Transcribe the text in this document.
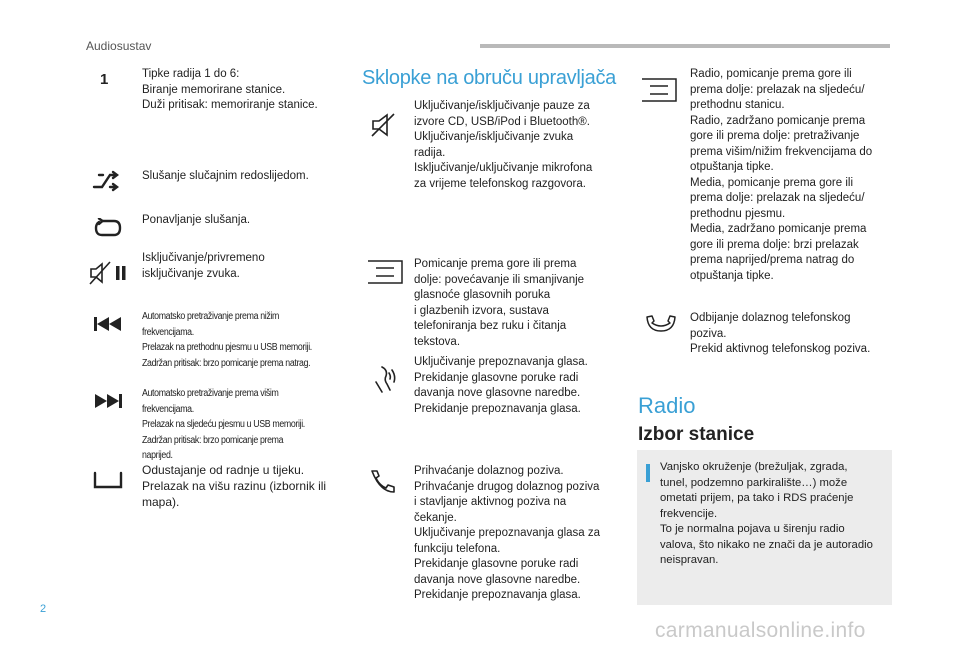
Audiosustav
1	Tipke radija 1 do 6:
Biranje memorirane stanice.
Duži pritisak: memoriranje stanice.
Slušanje slučajnim redoslijedom.
Ponavljanje slušanja.
Isključivanje/privremeno
isključivanje zvuka.
Automatsko pretraživanje prema nižim
frekvencijama.
Prelazak na prethodnu pjesmu u USB memoriji.
Zadržan pritisak: brzo pomicanje prema natrag.
Automatsko pretraživanje prema višim
frekvencijama.
Prelazak na sljedeću pjesmu u USB memoriji.
Zadržan pritisak: brzo pomicanje prema
naprijed.
Odustajanje od radnje u tijeku.
Prelazak na višu razinu (izbornik ili
mapa).
Sklopke na obruču upravljača
Uključivanje/isključivanje pauze za
izvore CD, USB/iPod i Bluetooth®.
Uključivanje/isključivanje zvuka
radija.
Isključivanje/uključivanje mikrofona
za vrijeme telefonskog razgovora.
Pomicanje prema gore ili prema
dolje: povećavanje ili smanjivanje
glasnoće glasovnih poruka
i glazbenih izvora, sustava
telefoniranja bez ruku i čitanja
tekstova.
Uključivanje prepoznavanja glasa.
Prekidanje glasovne poruke radi
davanja nove glasovne naredbe.
Prekidanje prepoznavanja glasa.
Prihvaćanje dolaznog poziva.
Prihvaćanje drugog dolaznog poziva
i stavljanje aktivnog poziva na
čekanje.
Uključivanje prepoznavanja glasa za
funkciju telefona.
Prekidanje glasovne poruke radi
davanja nove glasovne naredbe.
Prekidanje prepoznavanja glasa.
Radio, pomicanje prema gore ili
prema dolje: prelazak na sljedeću/
prethodnu stanicu.
Radio, zadržano pomicanje prema
gore ili prema dolje: pretraživanje
prema višim/nižim frekvencijama do
otpuštanja tipke.
Media, pomicanje prema gore ili
prema dolje: prelazak na sljedeću/
prethodnu pjesmu.
Media, zadržano pomicanje prema
gore ili prema dolje: brzi prelazak
prema naprijed/prema natrag do
otpuštanja tipke.
Odbijanje dolaznog telefonskog
poziva.
Prekid aktivnog telefonskog poziva.
Radio
Izbor stanice
Vanjsko okruženje (brežuljak, zgrada,
tunel, podzemno parkiralište…) može
ometati prijem, pa tako i RDS praćenje
frekvencije.
To je normalna pojava u širenju radio
valova, što nikako ne znači da je autoradio
neispravan.
2
carmanualsonline.info
